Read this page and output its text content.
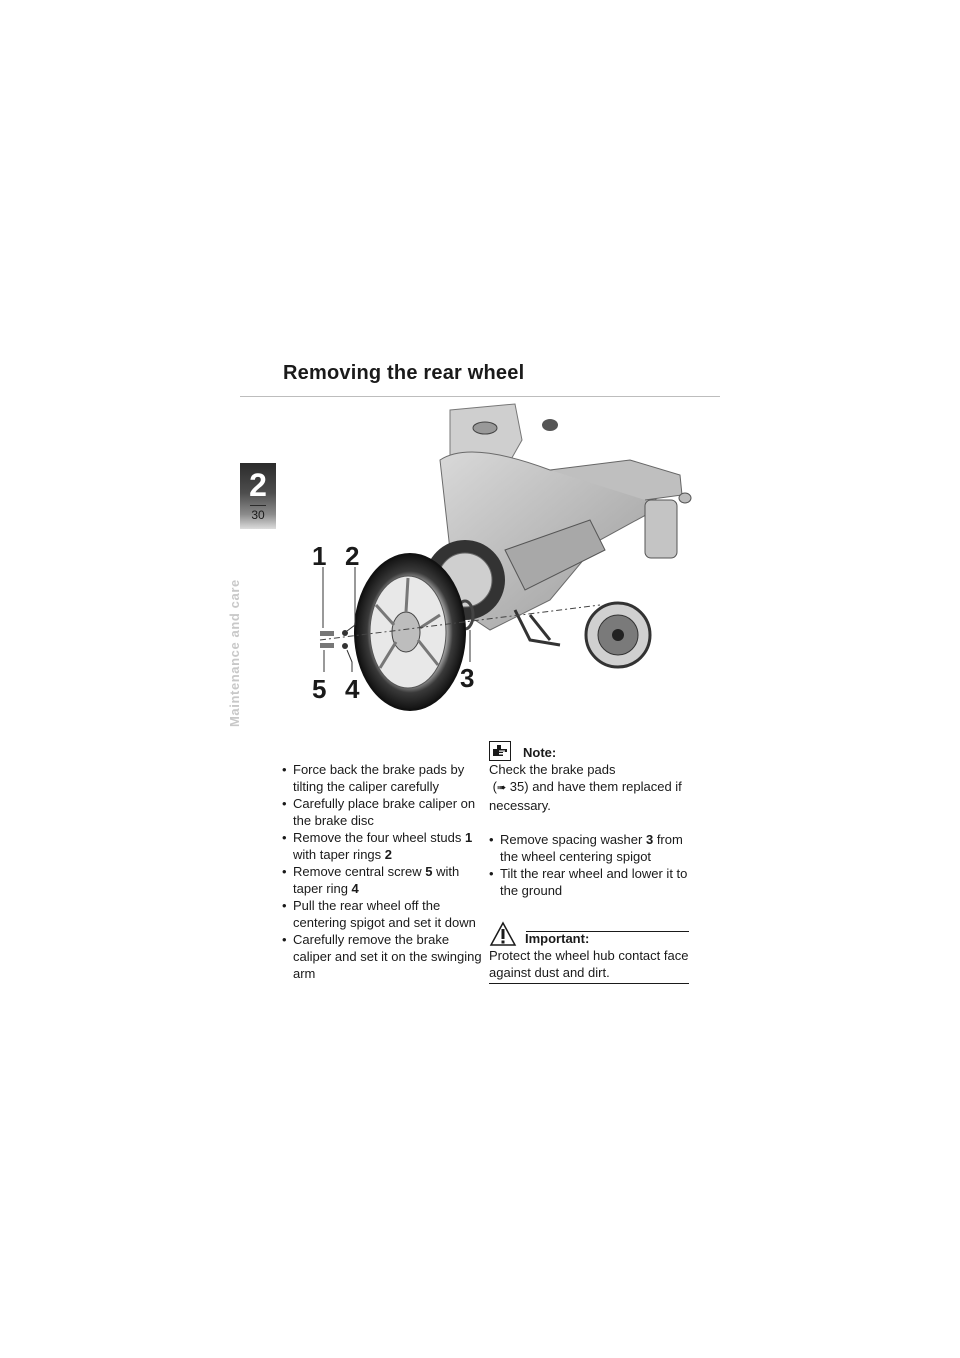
Removing the rear wheel
2
30
Maintenance and care
1 2
3
4
5
• Force back the brake pads by tilting the caliper carefully
• Carefully place brake caliper on the brake disc
• Remove the four wheel studs 1 with taper rings 2
• Remove central screw 5 with taper ring 4
• Pull the rear wheel off the centering spigot and set it down
• Carefully remove the brake caliper and set it on the swinging arm
Note:
Check the brake pads
(➠ 35) and have them replaced if necessary.
• Remove spacing washer 3 from the wheel centering spigot
• Tilt the rear wheel and lower it to the ground
Important:
Protect the wheel hub contact face against dust and dirt.
